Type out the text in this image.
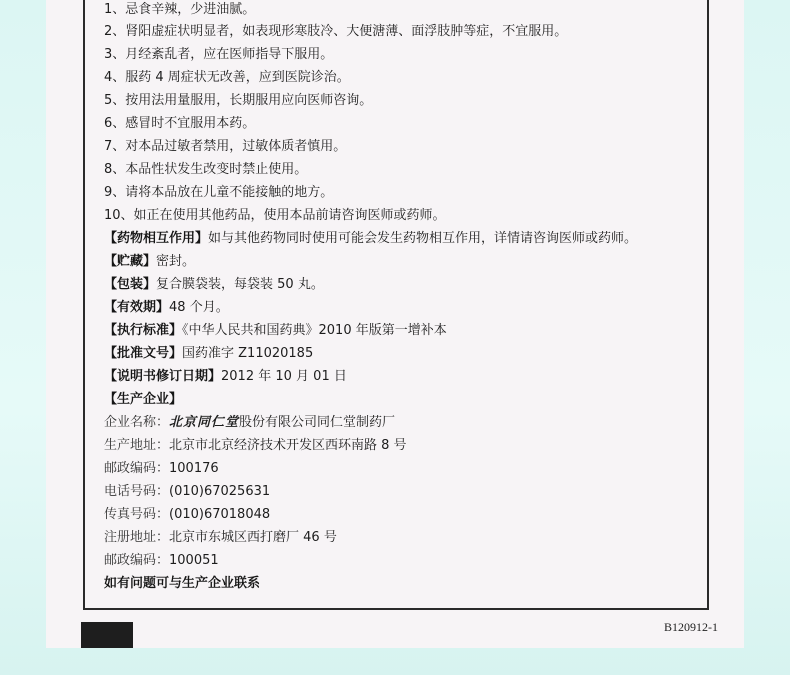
1、忌食辛辣，少进油腻。
2、肾阳虚症状明显者，如表现形寒肢冷、大便溏薄、面浮肢肿等症，不宜服用。
3、月经紊乱者，应在医师指导下服用。
4、服药 4 周症状无改善，应到医院诊治。
5、按用法用量服用，长期服用应向医师咨询。
6、感冒时不宜服用本药。
7、对本品过敏者禁用，过敏体质者慎用。
8、本品性状发生改变时禁止使用。
9、请将本品放在儿童不能接触的地方。
10、如正在使用其他药品，使用本品前请咨询医师或药师。
【药物相互作用】如与其他药物同时使用可能会发生药物相互作用，详情请咨询医师或药师。
【贮藏】密封。
【包装】复合膜袋装，每袋装 50 丸。
【有效期】48 个月。
【执行标准】《中华人民共和国药典》2010 年版第一增补本
【批准文号】国药准字 Z11020185
【说明书修订日期】2012 年 10 月 01 日
【生产企业】
企业名称：北京同仁堂股份有限公司同仁堂制药厂
生产地址：北京市北京经济技术开发区西环南路 8 号
邮政编码：100176
电话号码：(010)67025631
传真号码：(010)67018048
注册地址：北京市东城区西打磨厂 46 号
邮政编码：100051
如有问题可与生产企业联系
B120912-1
